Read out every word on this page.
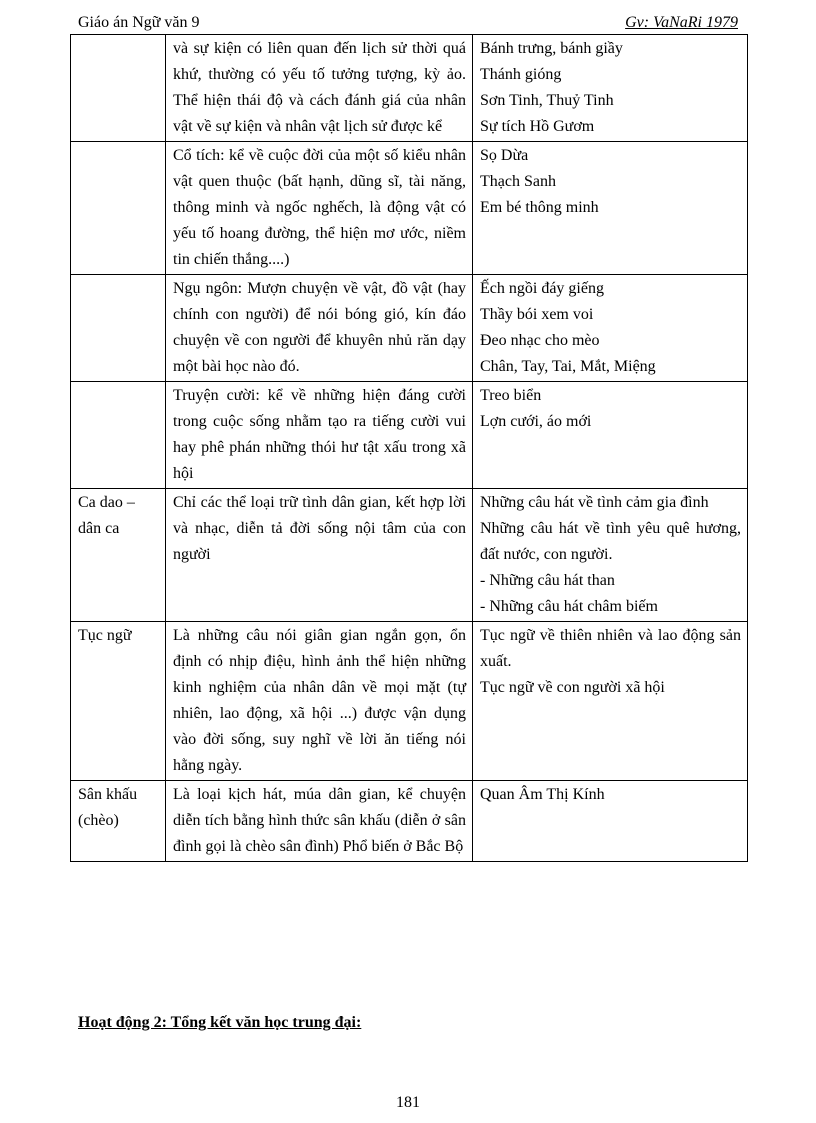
Giáo án Ngữ văn 9	Gv: VaNaRi 1979
	và sự kiện có liên quan đến lịch sử thời quá khứ, thường có yếu tố tưởng tượng, kỳ ảo. Thể hiện thái độ và cách đánh giá của nhân vật về sự kiện và nhân vật lịch sử được kể	Bánh trưng, bánh giầy
Thánh gióng
Sơn Tinh, Thuỷ Tinh
Sự tích Hồ Gươm

	Cổ tích: kể về cuộc đời của một số kiểu nhân vật quen thuộc (bất hạnh, dũng sĩ, tài năng, thông minh và ngốc nghếch, là động vật có yếu tố hoang đường, thể hiện mơ ước, niềm tin chiến thắng....)	Sọ Dừa
Thạch Sanh
Em bé thông minh

	Ngụ ngôn: Mượn chuyện về vật, đồ vật (hay chính con người) để nói bóng gió, kín đáo chuyện về con người để khuyên nhủ răn dạy một bài học nào đó.	Ếch ngồi đáy giếng
Thầy bói xem voi
Đeo nhạc cho mèo
Chân, Tay, Tai, Mắt, Miệng

	Truyện cười: kể về những hiện đáng cười trong cuộc sống nhằm tạo ra tiếng cười vui hay phê phán những thói hư tật xấu trong xã hội	Treo biển
Lợn cưới, áo mới

Ca dao – dân ca	Chỉ các thể loại trữ tình dân gian, kết hợp lời và nhạc, diễn tả đời sống nội tâm của con người	Những câu hát về tình cảm gia đình
Những câu hát về tình yêu quê hương, đất nước, con người.
- Những câu hát than
- Những câu hát châm biếm

Tục ngữ	Là những câu nói giân gian ngắn gọn, ổn định có nhịp điệu, hình ảnh thể hiện những kinh nghiệm của nhân dân về mọi mặt (tự nhiên, lao động, xã hội ...) được vận dụng vào đời sống, suy nghĩ về lời ăn tiếng nói hằng ngày.	Tục ngữ về thiên nhiên và lao động sản xuất.
Tục ngữ về con người xã hội

Sân khấu (chèo)	Là loại kịch hát, múa dân gian, kể chuyện diễn tích bằng hình thức sân khấu (diễn ở sân đình gọi là chèo sân đình) Phổ biến ở Bắc Bộ	Quan Âm Thị Kính
Hoạt động 2: Tổng kết văn học trung đại:
181
